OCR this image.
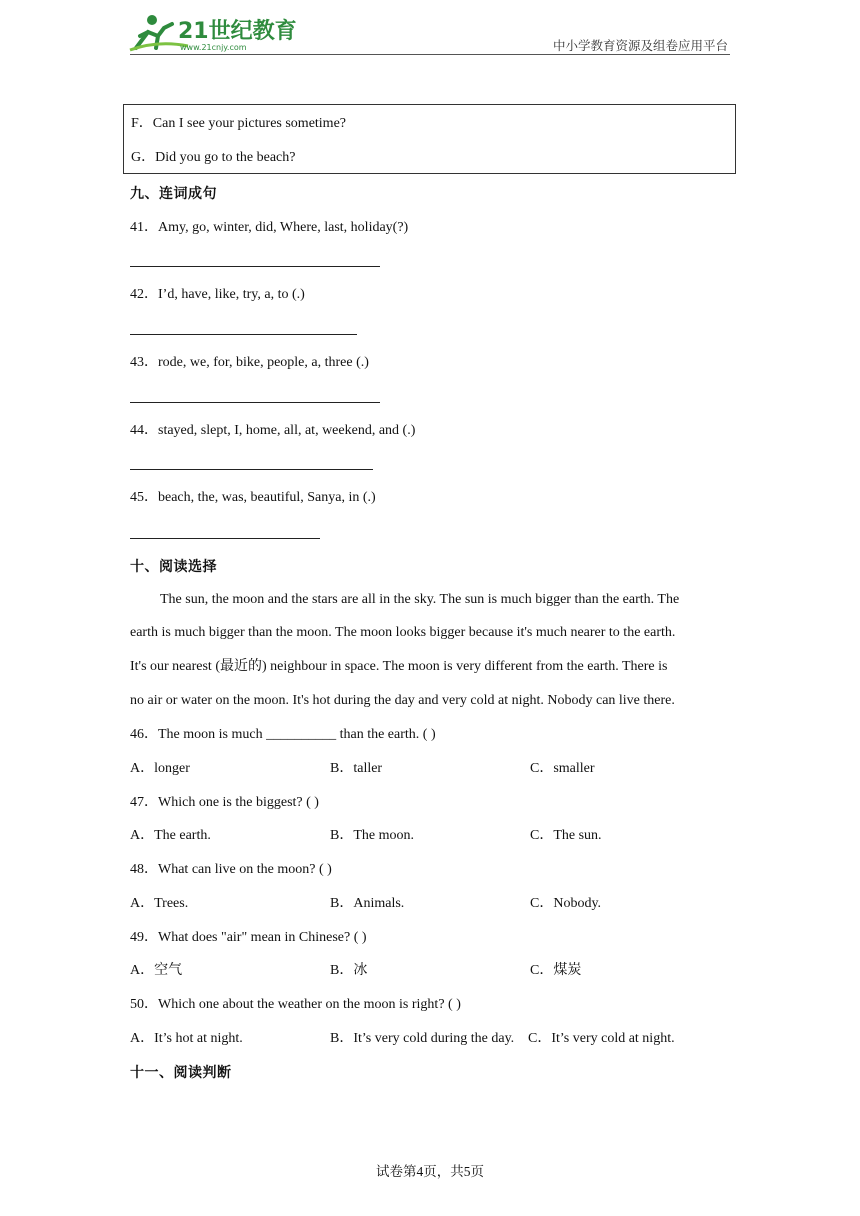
21世纪教育
www.21cnjy.com	中小学教育资源及组卷应用平台
F．Can I see your pictures sometime?
G．Did you go to the beach?
九、连词成句
41．Amy, go, winter, did, Where, last, holiday(?)
42．I’d, have, like, try, a, to (.)
43．rode, we, for, bike, people, a, three (.)
44．stayed, slept, I, home, all, at, weekend, and (.)
45．beach, the, was, beautiful, Sanya, in (.)
十、阅读选择
The sun, the moon and the stars are all in the sky. The sun is much bigger than the earth. The
earth is much bigger than the moon. The moon looks bigger because it's much nearer to the earth.
It's our nearest (最近的) neighbour in space. The moon is very different from the earth. There is
no air or water on the moon. It's hot during the day and very cold at night. Nobody can live there.
46．The moon is much __________ than the earth. ( )
A．longer	B．taller	C．smaller
47．Which one is the biggest? ( )
A．The earth.	B．The moon.	C．The sun.
48．What can live on the moon? ( )
A．Trees.	B．Animals.	C．Nobody.
49．What does "air" mean in Chinese? ( )
A．空气	B．冰	C．煤炭
50．Which one about the weather on the moon is right? ( )
A．It’s hot at night.	B．It’s very cold during the day. C．It’s very cold at night.
十一、阅读判断
试卷第4页，共5页
